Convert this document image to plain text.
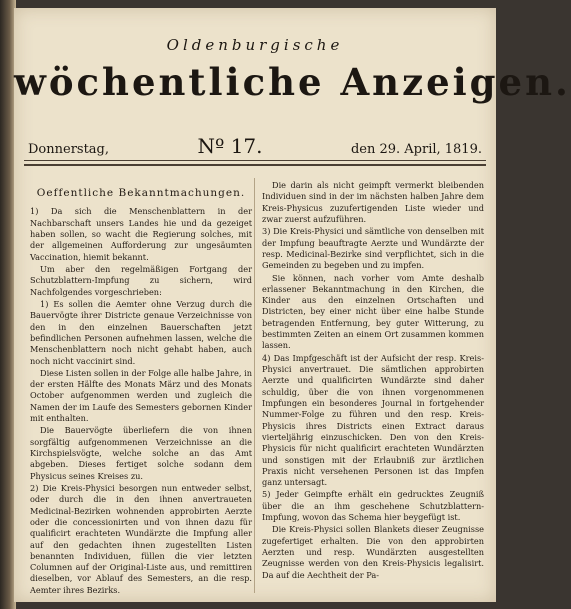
Oldenburgische
wöchentliche Anzeigen.
Donnerstag,	Nº 17.	den 29. April, 1819.
Oeffentliche Bekanntmachungen.

1) Da sich die Menschenblattern in der Nachbarschaft unsers Landes hie und da gezeiget haben sollen, so wacht die Regierung solches, mit der allgemeinen Aufforderung zur ungesäumten Vaccination, hiemit bekannt.

Um aber den regelmäßigen Fortgang der Schutzblattern-Impfung zu sichern, wird Nachfolgendes vorgeschrieben:

1) Es sollen die Aemter ohne Verzug durch die Bauervögte ihrer Districte genaue Verzeichnisse von den in den einzelnen Bauerschaften jetzt befindlichen Personen aufnehmen lassen, welche die Menschenblattern noch nicht gehabt haben, auch noch nicht vaccinirt sind.

Diese Listen sollen in der Folge alle halbe Jahre, in der ersten Hälfte des Monats März und des Monats October aufgenommen werden und zugleich die Namen der im Laufe des Semesters gebornen Kinder mit enthalten.

Die Bauervögte überliefern die von ihnen sorgfältig aufgenommenen Verzeichnisse an die Kirchspielsvögte, welche solche an das Amt abgeben. Dieses fertiget solche sodann dem Physicus seines Kreises zu.

2) Die Kreis-Physici besorgen nun entweder selbst, oder durch die in den ihnen anvertraueten Medicinal-Bezirken wohnenden approbirten Aerzte oder die concessionirten und von ihnen dazu für qualificirt erachteten Wundärzte die Impfung aller auf den gedachten ihnen zugestellten Listen benannten Individuen, füllen die vier letzten Columnen auf der Original-Liste aus, und remittiren dieselben, vor Ablauf des Semesters, an die resp. Aemter ihres Bezirks.

Die darin als nicht geimpft vermerkt bleibenden Individuen sind in der im nächsten halben Jahre dem Kreis-Physicus zuzufertigenden Liste wieder und zwar zuerst aufzuführen.

3) Die Kreis-Physici und sämtliche von denselben mit der Impfung beauftragte Aerzte und Wundärzte der resp. Medicinal-Bezirke sind verpflichtet, sich in die Gemeinden zu begeben und zu impfen.

Sie können, nach vorher vom Amte deshalb erlassener Bekanntmachung in den Kirchen, die Kinder aus den einzelnen Ortschaften und Districten, bey einer nicht über eine halbe Stunde betragenden Entfernung, bey guter Witterung, zu bestimmten Zeiten an einem Ort zusammen kommen lassen.

4) Das Impfgeschäft ist der Aufsicht der resp. Kreis-Physici anvertrauet. Die sämtlichen approbirten Aerzte und qualificirten Wundärzte sind daher schuldig, über die von ihnen vorgenommenen Impfungen ein besonderes Journal in fortgehender Nummer-Folge zu führen und den resp. Kreis-Physicis ihres Districts einen Extract daraus vierteljährig einzuschicken. Den von den Kreis-Physicis für nicht qualificirt erachteten Wundärzten und sonstigen mit der Erlaubniß zur ärztlichen Praxis nicht versehenen Personen ist das Impfen ganz untersagt.

5) Jeder Geimpfte erhält ein gedrucktes Zeugniß über die an ihm geschehene Schutzblattern-Impfung, wovon das Schema hier beygefügt ist.

Die Kreis-Physici sollen Blankets dieser Zeugnisse zugefertiget erhalten. Die von den approbirten Aerzten und resp. Wundärzten ausgestellten Zeugnisse werden von den Kreis-Physicis legalisirt. Da auf die Aechtheit der Pa-
